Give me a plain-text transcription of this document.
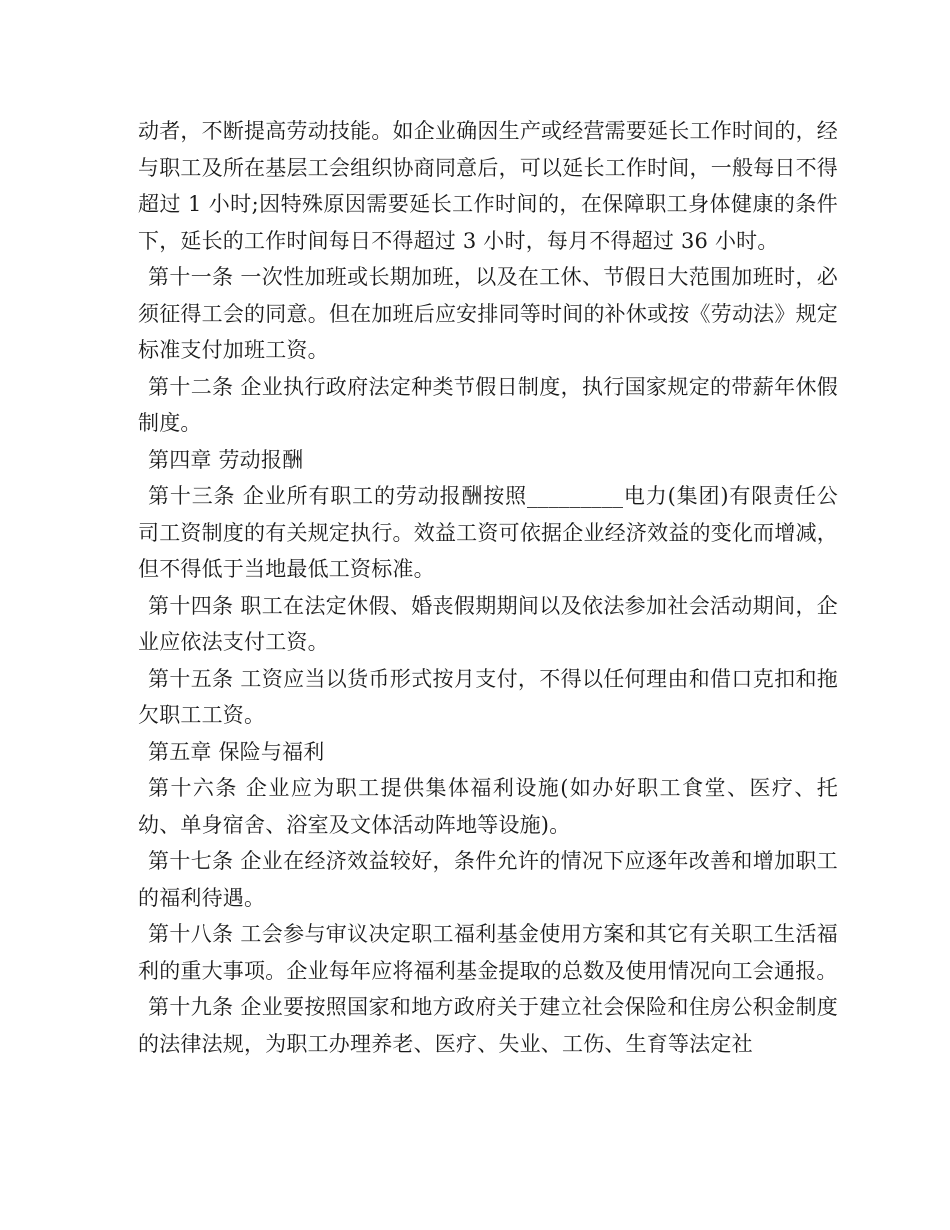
动者，不断提高劳动技能。如企业确因生产或经营需要延长工作时间的，经与职工及所在基层工会组织协商同意后，可以延长工作时间，一般每日不得超过 1 小时;因特殊原因需要延长工作时间的，在保障职工身体健康的条件下，延长的工作时间每日不得超过 3 小时，每月不得超过 36 小时。

第十一条 一次性加班或长期加班，以及在工休、节假日大范围加班时，必须征得工会的同意。但在加班后应安排同等时间的补休或按《劳动法》规定标准支付加班工资。

第十二条 企业执行政府法定种类节假日制度，执行国家规定的带薪年休假制度。

第四章 劳动报酬

第十三条 企业所有职工的劳动报酬按照_________电力(集团)有限责任公司工资制度的有关规定执行。效益工资可依据企业经济效益的变化而增减，但不得低于当地最低工资标准。

第十四条 职工在法定休假、婚丧假期期间以及依法参加社会活动期间，企业应依法支付工资。

第十五条 工资应当以货币形式按月支付，不得以任何理由和借口克扣和拖欠职工工资。

第五章 保险与福利

第十六条 企业应为职工提供集体福利设施(如办好职工食堂、医疗、托幼、单身宿舍、浴室及文体活动阵地等设施)。

第十七条 企业在经济效益较好，条件允许的情况下应逐年改善和增加职工的福利待遇。

第十八条 工会参与审议决定职工福利基金使用方案和其它有关职工生活福利的重大事项。企业每年应将福利基金提取的总数及使用情况向工会通报。

第十九条 企业要按照国家和地方政府关于建立社会保险和住房公积金制度的法律法规，为职工办理养老、医疗、失业、工伤、生育等法定社
